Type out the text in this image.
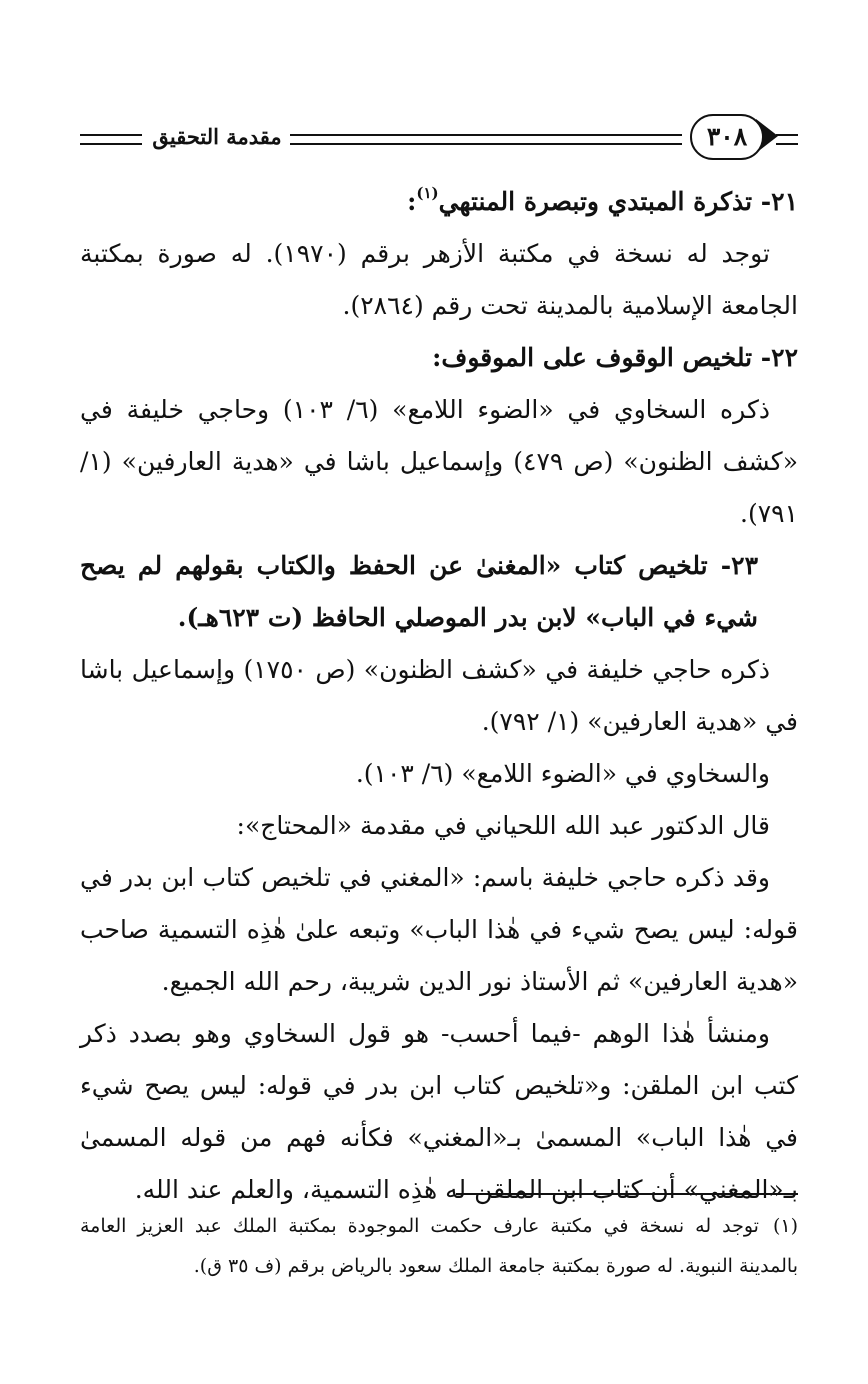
٣٠٨
مقدمة التحقيق

٢١- تذكرة المبتدي وتبصرة المنتهي$^{(١)}$:

توجد له نسخة في مكتبة الأزهر برقم (١٩٧٠). له صورة بمكتبة الجامعة الإسلامية بالمدينة تحت رقم (٢٨٦٤).

٢٢- تلخيص الوقوف على الموقوف:

ذكره السخاوي في «الضوء اللامع» (٦/ ١٠٣) وحاجي خليفة في «كشف الظنون» (ص ٤٧٩) وإسماعيل باشا في «هدية العارفين» (١/ ٧٩١).

٢٣- تلخيص كتاب «المغنىٰ عن الحفظ والكتاب بقولهم لم يصح شيء في الباب» لابن بدر الموصلي الحافظ (ت ٦٢٣هـ).

ذكره حاجي خليفة في «كشف الظنون» (ص ١٧٥٠) وإسماعيل باشا في «هدية العارفين» (١/ ٧٩٢).

والسخاوي في «الضوء اللامع» (٦/ ١٠٣).

قال الدكتور عبد الله اللحياني في مقدمة «المحتاج»:

وقد ذكره حاجي خليفة باسم: «المغني في تلخيص كتاب ابن بدر في قوله: ليس يصح شيء في هٰذا الباب» وتبعه علىٰ هٰذِه التسمية صاحب «هدية العارفين» ثم الأستاذ نور الدين شريبة، رحم الله الجميع.

ومنشأ هٰذا الوهم -فيما أحسب- هو قول السخاوي وهو بصدد ذكر كتب ابن الملقن: و«تلخيص كتاب ابن بدر في قوله: ليس يصح شيء في هٰذا الباب» المسمىٰ بـ«المغني» فكأنه فهم من قوله المسمىٰ بـ«المغني» أن كتاب ابن الملقن له هٰذِه التسمية، والعلم عند الله.

(١)توجد له نسخة في مكتبة عارف حكمت الموجودة بمكتبة الملك عبد العزيز العامة بالمدينة النبوية. له صورة بمكتبة جامعة الملك سعود بالرياض برقم (ف ٣٥ ق).
